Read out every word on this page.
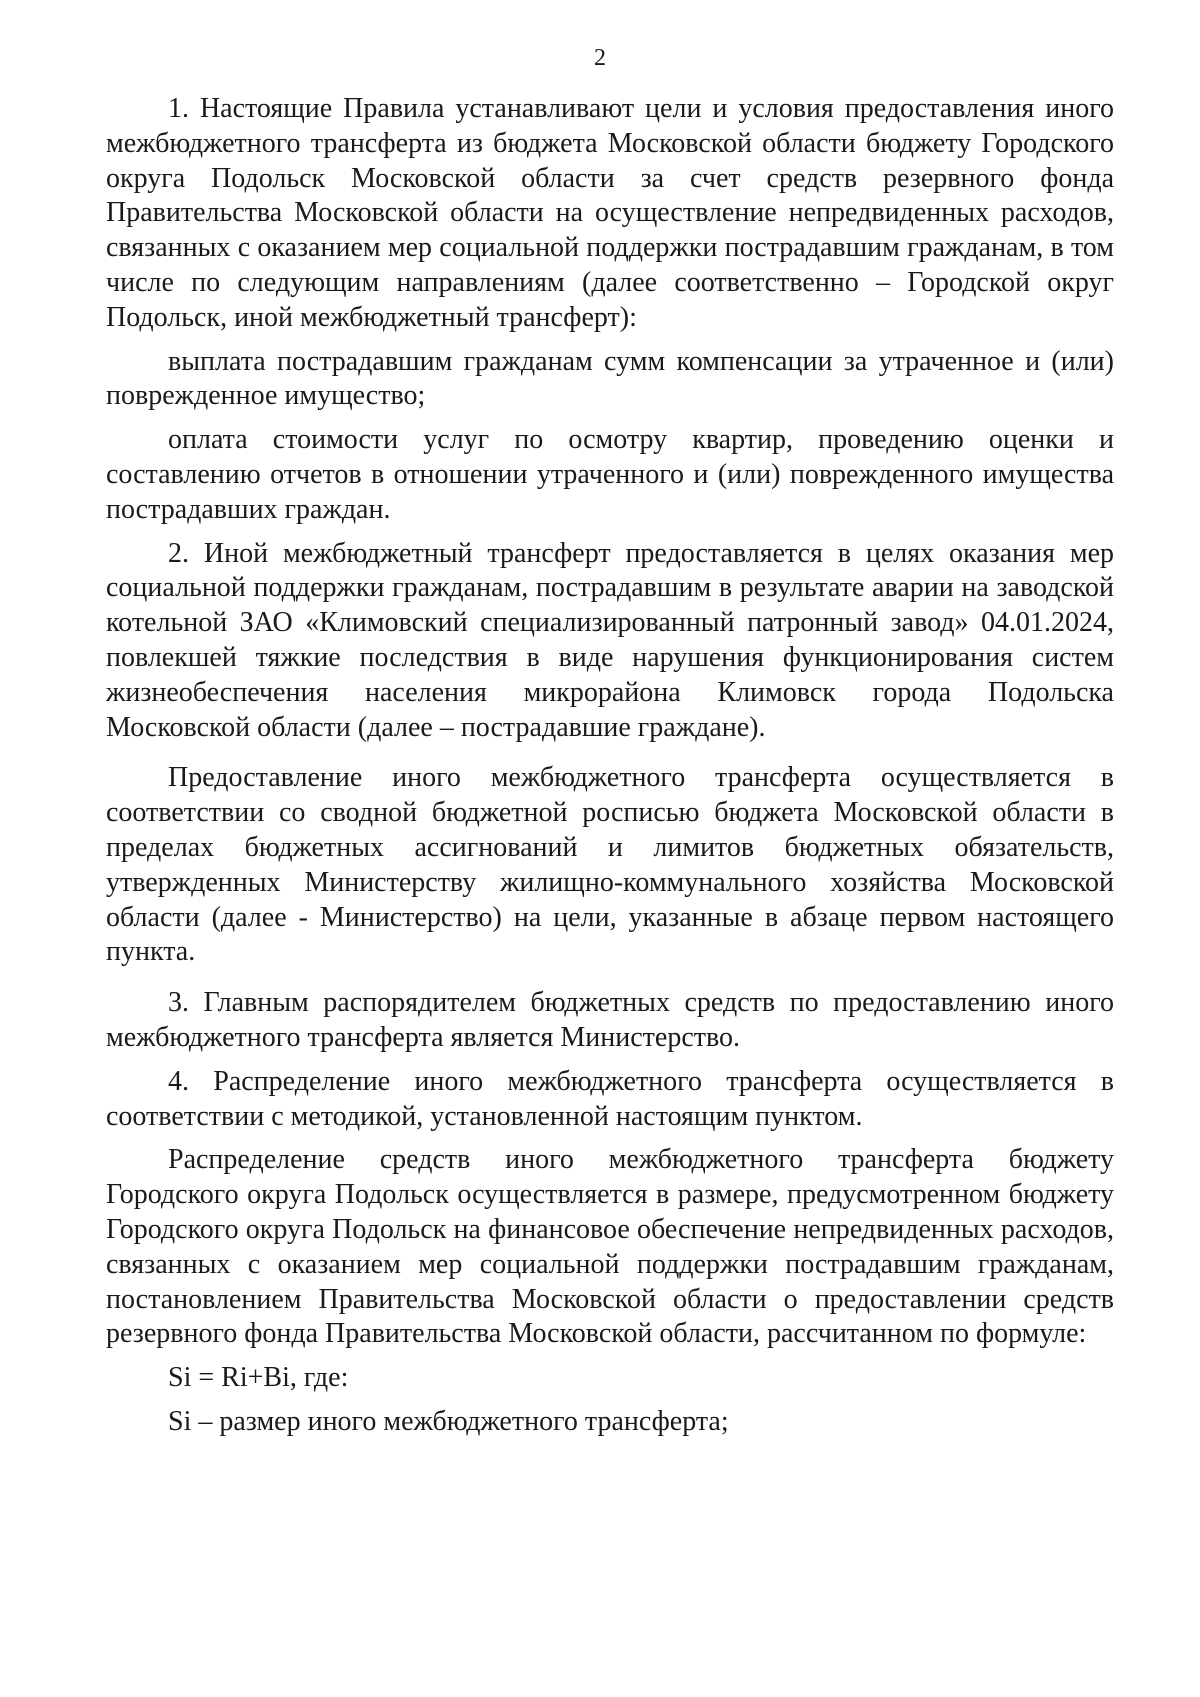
2

1. Настоящие Правила устанавливают цели и условия предоставления иного межбюджетного трансферта из бюджета Московской области бюджету Городского округа Подольск Московской области за счет средств резервного фонда Правительства Московской области на осуществление непредвиденных расходов, связанных с оказанием мер социальной поддержки пострадавшим гражданам, в том числе по следующим направлениям (далее соответственно – Городской округ Подольск, иной межбюджетный трансферт):

выплата пострадавшим гражданам сумм компенсации за утраченное и (или) поврежденное имущество;

оплата стоимости услуг по осмотру квартир, проведению оценки и составлению отчетов в отношении утраченного и (или) поврежденного имущества пострадавших граждан.

2. Иной межбюджетный трансферт предоставляется в целях оказания мер социальной поддержки гражданам, пострадавшим в результате аварии на заводской котельной ЗАО «Климовский специализированный патронный завод» 04.01.2024, повлекшей тяжкие последствия в виде нарушения функционирования систем жизнеобеспечения населения микрорайона Климовск города Подольска Московской области (далее – пострадавшие граждане).

Предоставление иного межбюджетного трансферта осуществляется в соответствии со сводной бюджетной росписью бюджета Московской области в пределах бюджетных ассигнований и лимитов бюджетных обязательств, утвержденных Министерству жилищно-коммунального хозяйства Московской области (далее - Министерство) на цели, указанные в абзаце первом настоящего пункта.

3. Главным распорядителем бюджетных средств по предоставлению иного межбюджетного трансферта является Министерство.

4. Распределение иного межбюджетного трансферта осуществляется в соответствии с методикой, установленной настоящим пунктом.

Распределение средств иного межбюджетного трансферта бюджету Городского округа Подольск осуществляется в размере, предусмотренном бюджету Городского округа Подольск на финансовое обеспечение непредвиденных расходов, связанных с оказанием мер социальной поддержки пострадавшим гражданам, постановлением Правительства Московской области о предоставлении средств резервного фонда Правительства Московской области, рассчитанном по формуле:

Si = Ri+Bi, где:

Si – размер иного межбюджетного трансферта;
